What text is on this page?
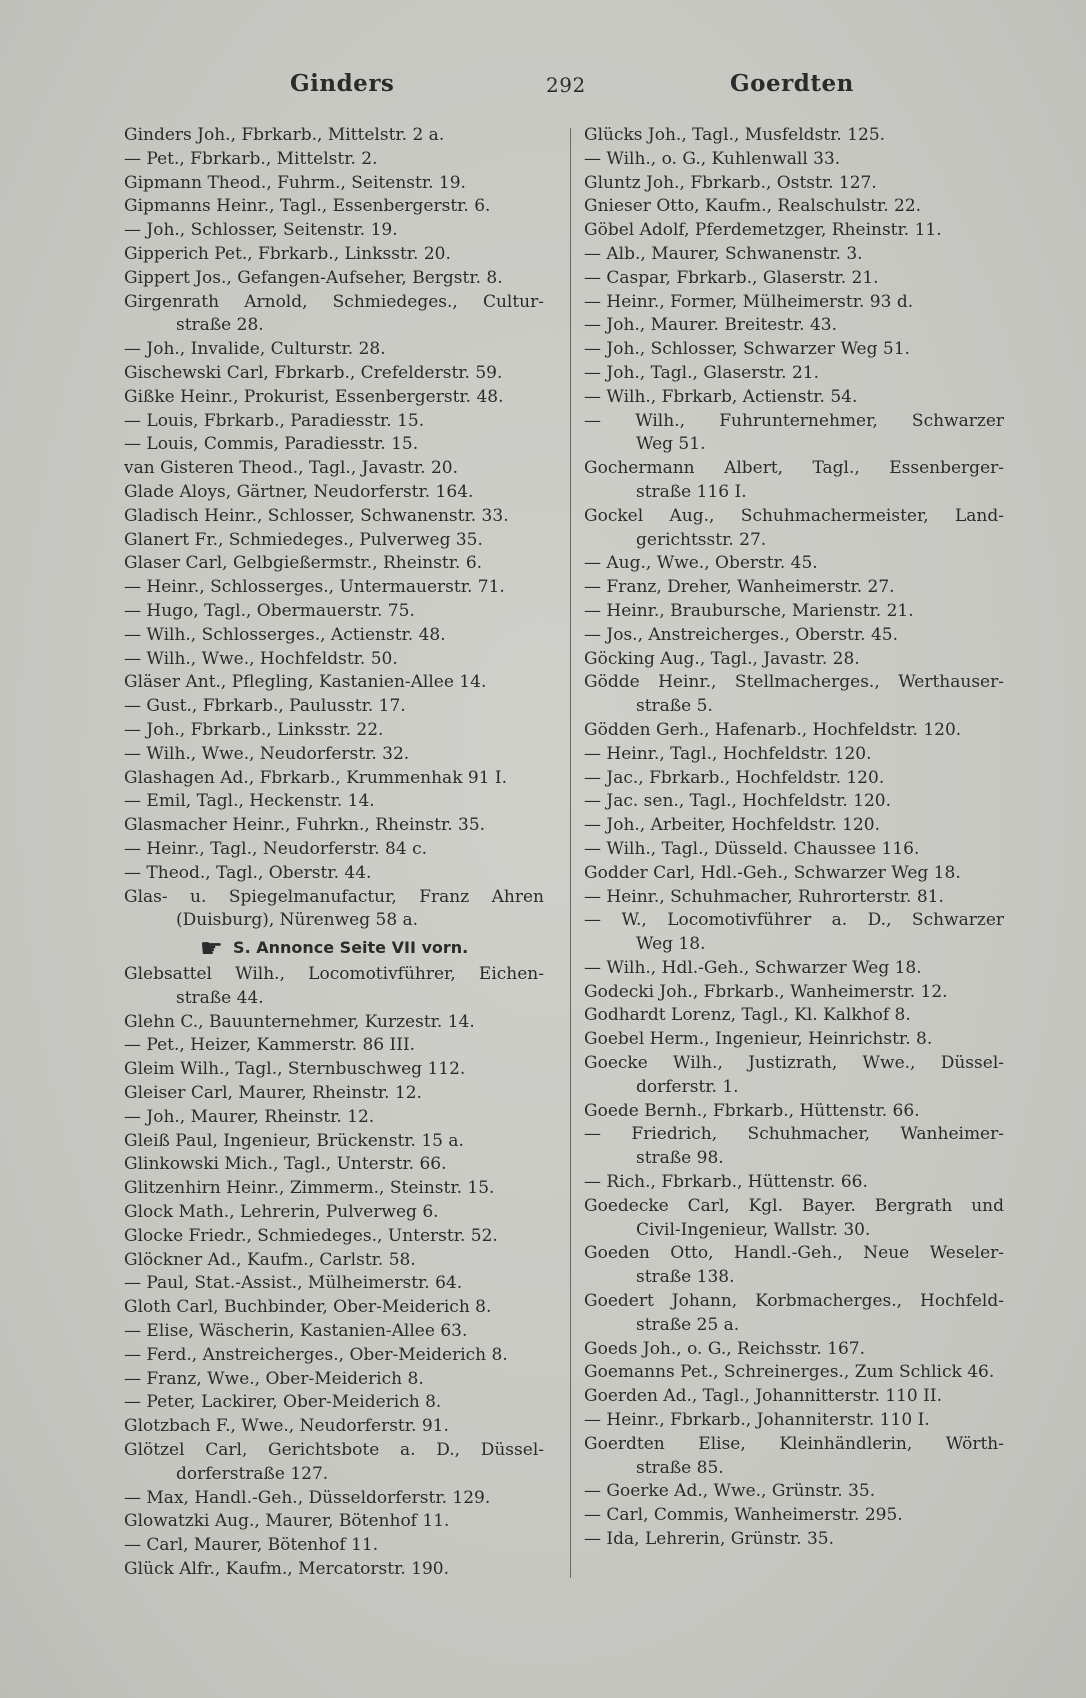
Ginders	292	Goerdten
Ginders Joh., Fbrkarb., Mittelstr. 2 a.
— Pet., Fbrkarb., Mittelstr. 2.
Gipmann Theod., Fuhrm., Seitenstr. 19.
Gipmanns Heinr., Tagl., Essenbergerstr. 6.
— Joh., Schlosser, Seitenstr. 19.
Gipperich Pet., Fbrkarb., Linksstr. 20.
Gippert Jos., Gefangen-Aufseher, Bergstr. 8.
Girgenrath Arnold, Schmiedeges., Cultur-
straße 28.
— Joh., Invalide, Culturstr. 28.
Gischewski Carl, Fbrkarb., Crefelderstr. 59.
Gißke Heinr., Prokurist, Essenbergerstr. 48.
— Louis, Fbrkarb., Paradiesstr. 15.
— Louis, Commis, Paradiesstr. 15.
van Gisteren Theod., Tagl., Javastr. 20.
Glade Aloys, Gärtner, Neudorferstr. 164.
Gladisch Heinr., Schlosser, Schwanenstr. 33.
Glanert Fr., Schmiedeges., Pulverweg 35.
Glaser Carl, Gelbgießermstr., Rheinstr. 6.
— Heinr., Schlosserges., Untermauerstr. 71.
— Hugo, Tagl., Obermauerstr. 75.
— Wilh., Schlosserges., Actienstr. 48.
— Wilh., Wwe., Hochfeldstr. 50.
Gläser Ant., Pflegling, Kastanien-Allee 14.
— Gust., Fbrkarb., Paulusstr. 17.
— Joh., Fbrkarb., Linksstr. 22.
— Wilh., Wwe., Neudorferstr. 32.
Glashagen Ad., Fbrkarb., Krummenhak 91 I.
— Emil, Tagl., Heckenstr. 14.
Glasmacher Heinr., Fuhrkn., Rheinstr. 35.
— Heinr., Tagl., Neudorferstr. 84 c.
— Theod., Tagl., Oberstr. 44.
Glas- u. Spiegelmanufactur, Franz Ahren
(Duisburg), Nürenweg 58 a.
☛ S. Annonce Seite VII vorn.
Glebsattel Wilh., Locomotivführer, Eichen-
straße 44.
Glehn C., Bauunternehmer, Kurzestr. 14.
— Pet., Heizer, Kammerstr. 86 III.
Gleim Wilh., Tagl., Sternbuschweg 112.
Gleiser Carl, Maurer, Rheinstr. 12.
— Joh., Maurer, Rheinstr. 12.
Gleiß Paul, Ingenieur, Brückenstr. 15 a.
Glinkowski Mich., Tagl., Unterstr. 66.
Glitzenhirn Heinr., Zimmerm., Steinstr. 15.
Glock Math., Lehrerin, Pulverweg 6.
Glocke Friedr., Schmiedeges., Unterstr. 52.
Glöckner Ad., Kaufm., Carlstr. 58.
— Paul, Stat.-Assist., Mülheimerstr. 64.
Gloth Carl, Buchbinder, Ober-Meiderich 8.
— Elise, Wäscherin, Kastanien-Allee 63.
— Ferd., Anstreicherges., Ober-Meiderich 8.
— Franz, Wwe., Ober-Meiderich 8.
— Peter, Lackirer, Ober-Meiderich 8.
Glotzbach F., Wwe., Neudorferstr. 91.
Glötzel Carl, Gerichtsbote a. D., Düssel-
dorferstraße 127.
— Max, Handl.-Geh., Düsseldorferstr. 129.
Glowatzki Aug., Maurer, Bötenhof 11.
— Carl, Maurer, Bötenhof 11.
Glück Alfr., Kaufm., Mercatorstr. 190.
Glücks Joh., Tagl., Musfeldstr. 125.
— Wilh., o. G., Kuhlenwall 33.
Gluntz Joh., Fbrkarb., Oststr. 127.
Gnieser Otto, Kaufm., Realschulstr. 22.
Göbel Adolf, Pferdemetzger, Rheinstr. 11.
— Alb., Maurer, Schwanenstr. 3.
— Caspar, Fbrkarb., Glaserstr. 21.
— Heinr., Former, Mülheimerstr. 93 d.
— Joh., Maurer. Breitestr. 43.
— Joh., Schlosser, Schwarzer Weg 51.
— Joh., Tagl., Glaserstr. 21.
— Wilh., Fbrkarb, Actienstr. 54.
— Wilh., Fuhrunternehmer, Schwarzer
Weg 51.
Gochermann Albert, Tagl., Essenberger-
straße 116 I.
Gockel Aug., Schuhmachermeister, Land-
gerichtsstr. 27.
— Aug., Wwe., Oberstr. 45.
— Franz, Dreher, Wanheimerstr. 27.
— Heinr., Braubursche, Marienstr. 21.
— Jos., Anstreicherges., Oberstr. 45.
Göcking Aug., Tagl., Javastr. 28.
Gödde Heinr., Stellmacherges., Werthauser-
straße 5.
Gödden Gerh., Hafenarb., Hochfeldstr. 120.
— Heinr., Tagl., Hochfeldstr. 120.
— Jac., Fbrkarb., Hochfeldstr. 120.
— Jac. sen., Tagl., Hochfeldstr. 120.
— Joh., Arbeiter, Hochfeldstr. 120.
— Wilh., Tagl., Düsseld. Chaussee 116.
Godder Carl, Hdl.-Geh., Schwarzer Weg 18.
— Heinr., Schuhmacher, Ruhrorterstr. 81.
— W., Locomotivführer a. D., Schwarzer
Weg 18.
— Wilh., Hdl.-Geh., Schwarzer Weg 18.
Godecki Joh., Fbrkarb., Wanheimerstr. 12.
Godhardt Lorenz, Tagl., Kl. Kalkhof 8.
Goebel Herm., Ingenieur, Heinrichstr. 8.
Goecke Wilh., Justizrath, Wwe., Düssel-
dorferstr. 1.
Goede Bernh., Fbrkarb., Hüttenstr. 66.
— Friedrich, Schuhmacher, Wanheimer-
straße 98.
— Rich., Fbrkarb., Hüttenstr. 66.
Goedecke Carl, Kgl. Bayer. Bergrath und
Civil-Ingenieur, Wallstr. 30.
Goeden Otto, Handl.-Geh., Neue Weseler-
straße 138.
Goedert Johann, Korbmacherges., Hochfeld-
straße 25 a.
Goeds Joh., o. G., Reichsstr. 167.
Goemanns Pet., Schreinerges., Zum Schlick 46.
Goerden Ad., Tagl., Johannitterstr. 110 II.
— Heinr., Fbrkarb., Johanniterstr. 110 I.
Goerdten Elise, Kleinhändlerin, Wörth-
straße 85.
— Goerke Ad., Wwe., Grünstr. 35.
— Carl, Commis, Wanheimerstr. 295.
— Ida, Lehrerin, Grünstr. 35.
